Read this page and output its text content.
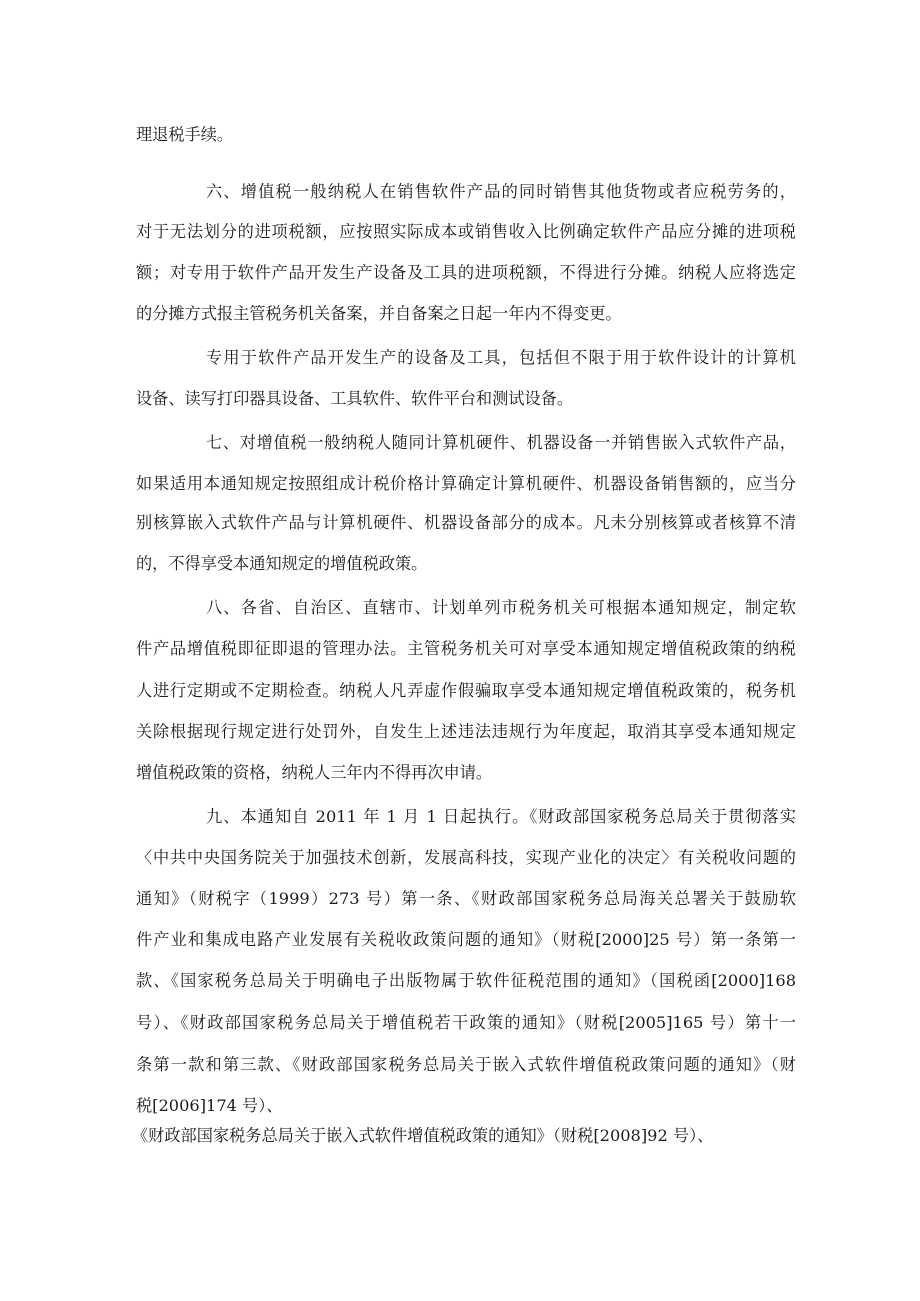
理退税手续。
六、增值税一般纳税人在销售软件产品的同时销售其他货物或者应税劳务的，
对于无法划分的进项税额，应按照实际成本或销售收入比例确定软件产品应分摊的进项税
额；对专用于软件产品开发生产设备及工具的进项税额，不得进行分摊。纳税人应将选定
的分摊方式报主管税务机关备案，并自备案之日起一年内不得变更。
专用于软件产品开发生产的设备及工具，包括但不限于用于软件设计的计算机
设备、读写打印器具设备、工具软件、软件平台和测试设备。
七、对增值税一般纳税人随同计算机硬件、机器设备一并销售嵌入式软件产品，
如果适用本通知规定按照组成计税价格计算确定计算机硬件、机器设备销售额的，应当分
别核算嵌入式软件产品与计算机硬件、机器设备部分的成本。凡未分别核算或者核算不清
的，不得享受本通知规定的增值税政策。
八、各省、自治区、直辖市、计划单列市税务机关可根据本通知规定，制定软
件产品增值税即征即退的管理办法。主管税务机关可对享受本通知规定增值税政策的纳税
人进行定期或不定期检查。纳税人凡弄虚作假骗取享受本通知规定增值税政策的，税务机
关除根据现行规定进行处罚外，自发生上述违法违规行为年度起，取消其享受本通知规定
增值税政策的资格，纳税人三年内不得再次申请。
九、本通知自 2011 年 1 月 1 日起执行。《财政部国家税务总局关于贯彻落实
〈中共中央国务院关于加强技术创新，发展高科技，实现产业化的决定〉有关税收问题的
通知》（财税字（1999）273 号）第一条、《财政部国家税务总局海关总署关于鼓励软
件产业和集成电路产业发展有关税收政策问题的通知》（财税[2000]25 号）第一条第一
款、《国家税务总局关于明确电子出版物属于软件征税范围的通知》（国税函[2000]168
号）、《财政部国家税务总局关于增值税若干政策的通知》（财税[2005]165 号）第十一
条第一款和第三款、《财政部国家税务总局关于嵌入式软件增值税政策问题的通知》（财
税[2006]174 号）、
《财政部国家税务总局关于嵌入式软件增值税政策的通知》（财税[2008]92 号）、
